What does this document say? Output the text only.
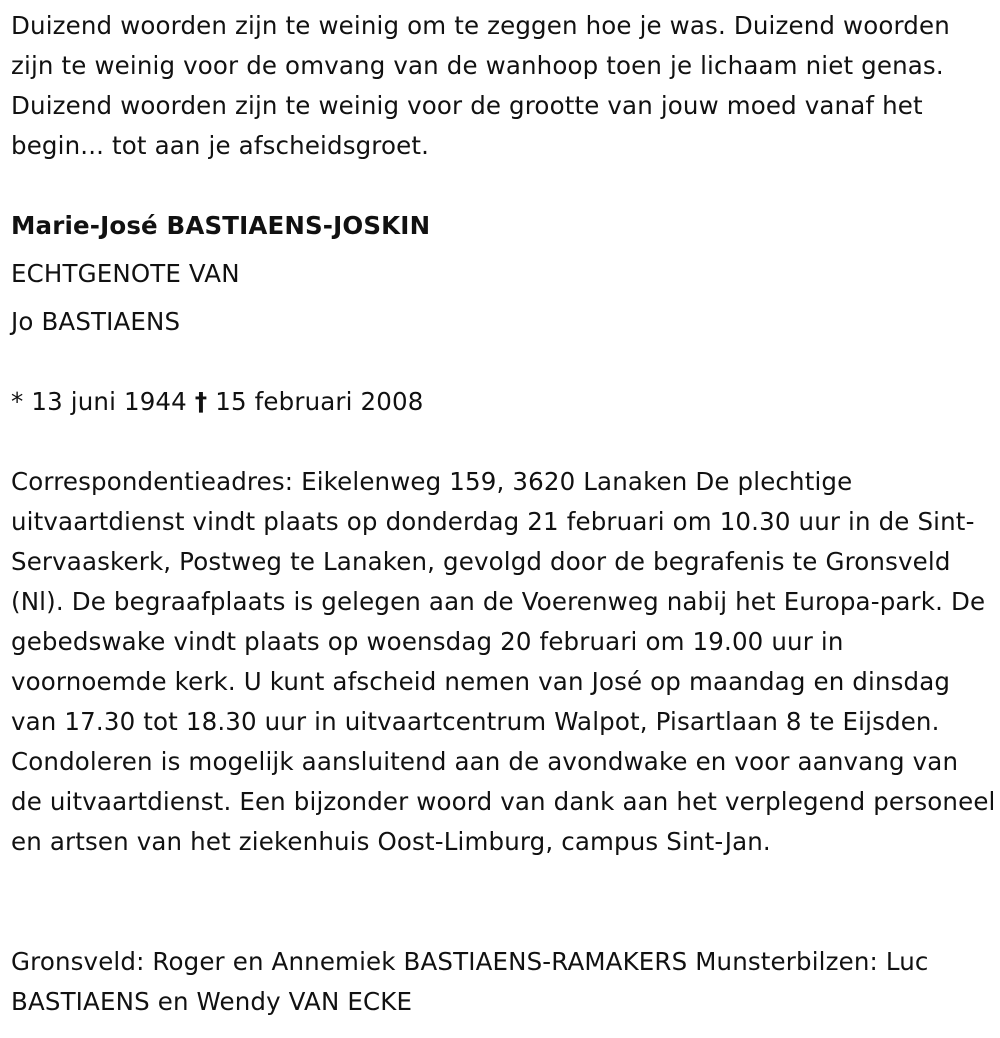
Duizend woorden zijn te weinig om te zeggen hoe je was. Duizend woorden zijn te weinig voor de omvang van de wanhoop toen je lichaam niet genas. Duizend woorden zijn te weinig voor de grootte van jouw moed vanaf het begin... tot aan je afscheidsgroet.

Marie-José BASTIAENS-JOSKIN
ECHTGENOTE VAN
Jo BASTIAENS
* 13 juni 1944 † 15 februari 2008

Correspondentieadres: Eikelenweg 159, 3620 Lanaken De plechtige uitvaartdienst vindt plaats op donderdag 21 februari om 10.30 uur in de Sint-Servaaskerk, Postweg te Lanaken, gevolgd door de begrafenis te Gronsveld (Nl). De begraafplaats is gelegen aan de Voerenweg nabij het Europa-park. De gebedswake vindt plaats op woensdag 20 februari om 19.00 uur in voornoemde kerk. U kunt afscheid nemen van José op maandag en dinsdag van 17.30 tot 18.30 uur in uitvaartcentrum Walpot, Pisartlaan 8 te Eijsden. Condoleren is mogelijk aansluitend aan de avondwake en voor aanvang van de uitvaartdienst. Een bijzonder woord van dank aan het verplegend personeel en artsen van het ziekenhuis Oost-Limburg, campus Sint-Jan.

Gronsveld: Roger en Annemiek BASTIAENS-RAMAKERS Munsterbilzen: Luc BASTIAENS en Wendy VAN ECKE
